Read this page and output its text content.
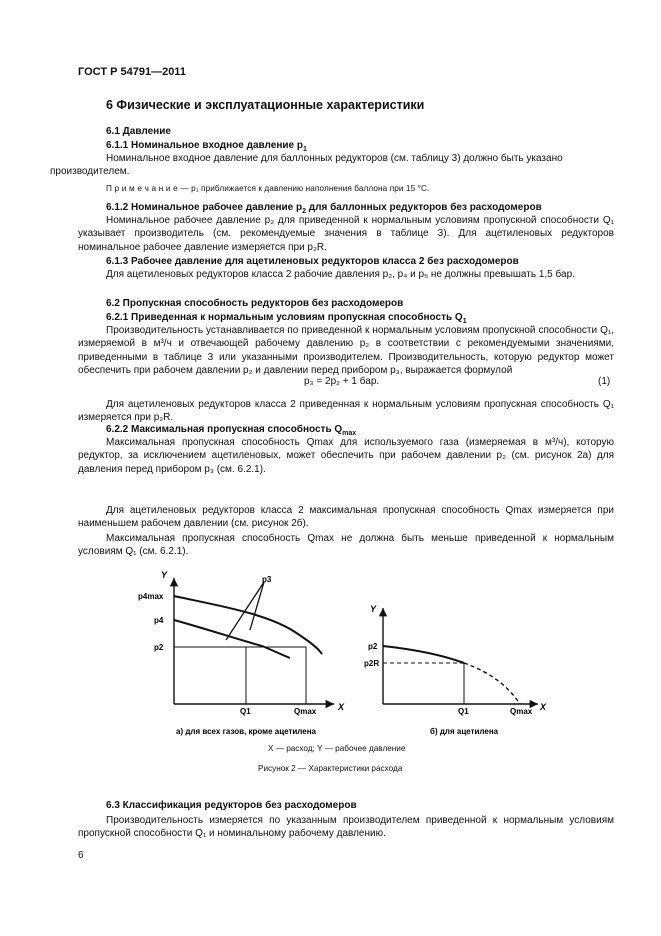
ГОСТ Р 54791—2011
6 Физические и эксплуатационные характеристики
6.1 Давление
6.1.1 Номинальное входное давление $p_1$
Номинальное входное давление для баллонных редукторов (см. таблицу 3) должно быть указано
производителем.
П р и м е ч а н и е — p₁ приближается к давлению наполнения баллона при 15 °С.
6.1.2 Номинальное рабочее давление $p_2$ для баллонных редукторов без расходомеров
Номинальное рабочее давление p₂ для приведенной к нормальным условиям пропускной способности Q₁ указывает производитель (см. рекомендуемые значения в таблице 3). Для ацетиленовых редукторов номинальное рабочее давление измеряется при p₂R.
6.1.3 Рабочее давление для ацетиленовых редукторов класса 2 без расходомеров
Для ацетиленовых редукторов класса 2 рабочие давления p₂, p₄ и p₅ не должны превышать 1,5 бар.
6.2 Пропускная способность редукторов без расходомеров
6.2.1 Приведенная к нормальным условиям пропускная способность $Q_1$
Производительность устанавливается по приведенной к нормальным условиям пропускной способности Q₁, измеряемой в м³/ч и отвечающей рабочему давлению p₂ в соответствии с рекомендуемыми значениями, приведенными в таблице 3 или указанными производителем. Производительность, которую редуктор может обеспечить при рабочем давлении p₂ и давлении перед прибором p₃, выражается формулой
p₃ = 2p₂ + 1 бар.	(1)
Для ацетиленовых редукторов класса 2 приведенная к нормальным условиям пропускная способность Q₁ измеряется при p₂R.
6.2.2 Максимальная пропускная способность $Q_{max}$
Максимальная пропускная способность Qmax для используемого газа (измеряемая в м³/ч), которую редуктор, за исключением ацетиленовых, может обеспечить при рабочем давлении p₂ (см. рисунок 2а) для давления перед прибором p₃ (см. 6.2.1).
Для ацетиленовых редукторов класса 2 максимальная пропускная способность Qmax измеряется при наименьшем рабочем давлении (см. рисунок 2б).
Максимальная пропускная способность Qmax не должна быть меньше приведенной к нормальным условиям Q₁ (см. 6.2.1).
Y
X
p4max
p4
p2
p3
Q1	Qmax
а) для всех газов, кроме ацетилена
Y
X
p2
p2R
Q1	Qmax
б) для ацетилена
X — расход; Y — рабочее давление
Рисунок 2 — Характеристики расхода
6.3 Классификация редукторов без расходомеров
Производительность измеряется по указанным производителем приведенной к нормальным условиям пропускной способности Q₁ и номинальному рабочему давлению.
6
